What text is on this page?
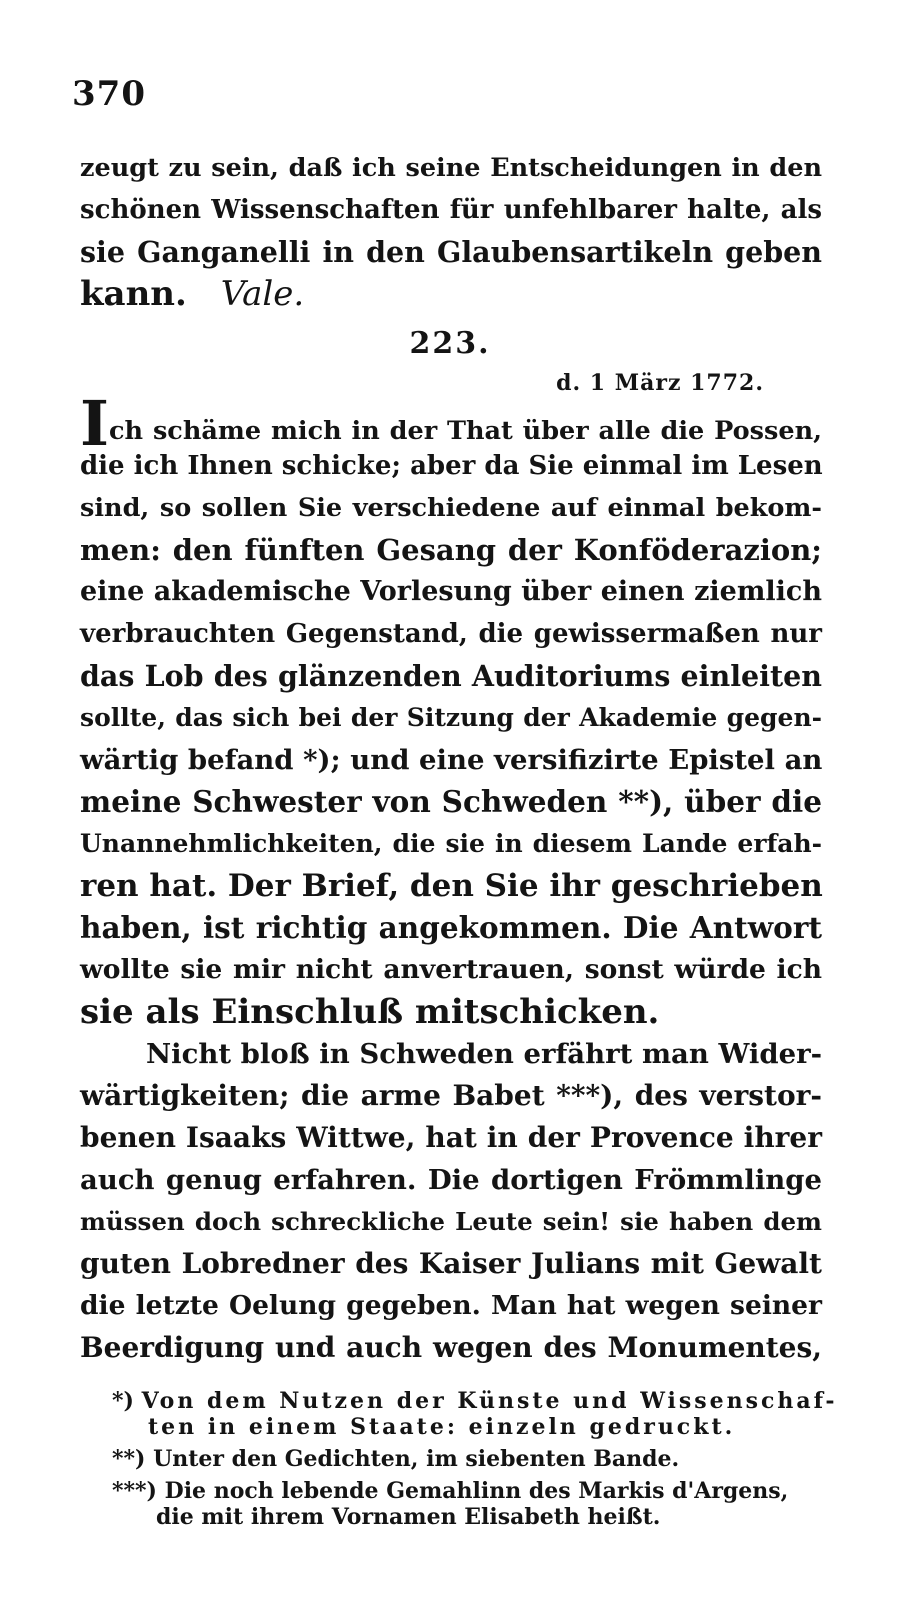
370
zeugt zu sein, daß ich seine Entscheidungen in den
schönen Wissenschaften für unfehlbarer halte, als
sie Ganganelli in den Glaubensartikeln geben
kann. Vale.
223.
d. 1 März 1772.
Ich schäme mich in der That über alle die Possen,
die ich Ihnen schicke; aber da Sie einmal im Lesen
sind, so sollen Sie verschiedene auf einmal bekom-
men: den fünften Gesang der Konföderazion;
eine akademische Vorlesung über einen ziemlich
verbrauchten Gegenstand, die gewissermaßen nur
das Lob des glänzenden Auditoriums einleiten
sollte, das sich bei der Sitzung der Akademie gegen-
wärtig befand *); und eine versifizirte Epistel an
meine Schwester von Schweden **), über die
Unannehmlichkeiten, die sie in diesem Lande erfah-
ren hat. Der Brief, den Sie ihr geschrieben
haben, ist richtig angekommen. Die Antwort
wollte sie mir nicht anvertrauen, sonst würde ich
sie als Einschluß mitschicken.
Nicht bloß in Schweden erfährt man Wider-
wärtigkeiten; die arme Babet ***), des verstor-
benen Isaaks Wittwe, hat in der Provence ihrer
auch genug erfahren. Die dortigen Frömmlinge
müssen doch schreckliche Leute sein! sie haben dem
guten Lobredner des Kaiser Julians mit Gewalt
die letzte Oelung gegeben. Man hat wegen seiner
Beerdigung und auch wegen des Monumentes,
*) Von dem Nutzen der Künste und Wissenschaf-
ten in einem Staate: einzeln gedruckt.
**) Unter den Gedichten, im siebenten Bande.
***) Die noch lebende Gemahlinn des Markis d'Argens,
die mit ihrem Vornamen Elisabeth heißt.
